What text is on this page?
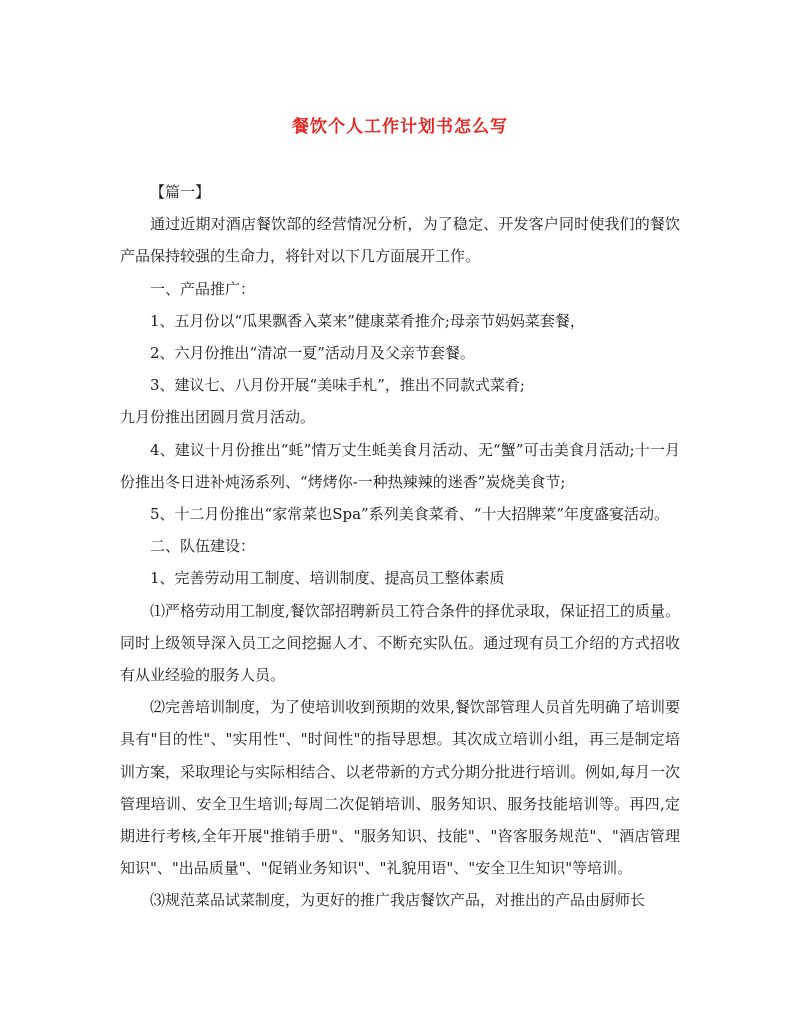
餐饮个人工作计划书怎么写

【篇一】

通过近期对酒店餐饮部的经营情况分析，为了稳定、开发客户同时使我们的餐饮产品保持较强的生命力，将针对以下几方面展开工作。

一、产品推广：

1、五月份以“瓜果飘香入菜来”健康菜肴推介;母亲节妈妈菜套餐，

2、六月份推出“清凉一夏”活动月及父亲节套餐。

3、建议七、八月份开展“美味手札”，推出不同款式菜肴;

九月份推出团圆月赏月活动。

4、建议十月份推出“蚝”情万丈生蚝美食月活动、无“蟹”可击美食月活动;十一月份推出冬日进补炖汤系列、“烤烤你-一种热辣辣的迷香”炭烧美食节;

5、十二月份推出“家常菜也Spa”系列美食菜肴、“十大招牌菜”年度盛宴活动。

二、队伍建设：

1、完善劳动用工制度、培训制度、提高员工整体素质

⑴严格劳动用工制度,餐饮部招聘新员工符合条件的择优录取，保证招工的质量。同时上级领导深入员工之间挖掘人才、不断充实队伍。通过现有员工介绍的方式招收有从业经验的服务人员。

⑵完善培训制度，为了使培训收到预期的效果,餐饮部管理人员首先明确了培训要具有"目的性"、"实用性"、"时间性"的指导思想。其次成立培训小组，再三是制定培训方案，采取理论与实际相结合、以老带新的方式分期分批进行培训。例如,每月一次管理培训、安全卫生培训;每周二次促销培训、服务知识、服务技能培训等。再四,定期进行考核,全年开展"推销手册"、"服务知识、技能"、"咨客服务规范"、"酒店管理知识"、"出品质量"、"促销业务知识"、"礼貌用语"、"安全卫生知识"等培训。

⑶规范菜品试菜制度，为更好的推广我店餐饮产品，对推出的产品由厨师长
